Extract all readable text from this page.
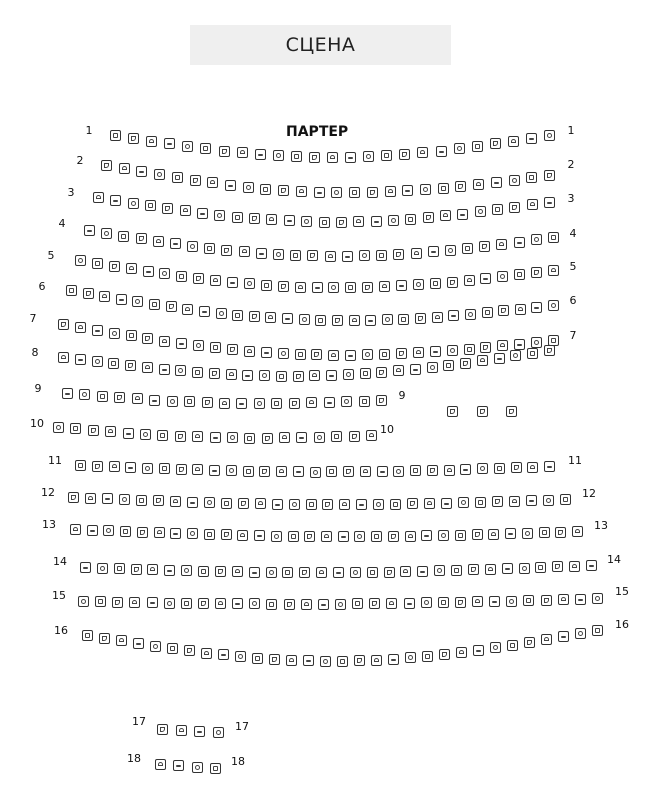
СЦЕНА
ПАРТЕР
1	1
2	2
3	3
4
4
5
5
6
6
7
7
8
9
9
10	10
11	11
12	12
13	13
14	14
15	15
16	16
17	17
18	18
